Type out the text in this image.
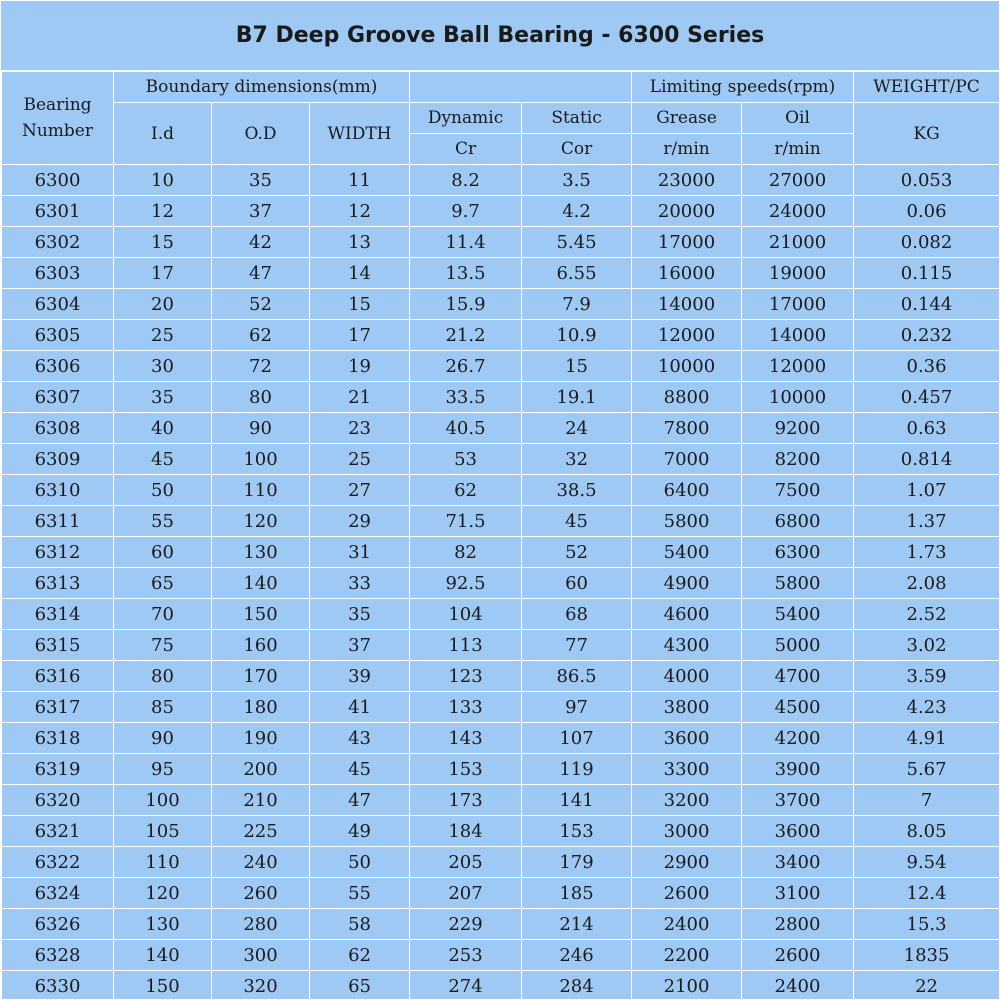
B7 Deep Groove Ball Bearing - 6300 Series
Bearing
Number	Boundary dimensions(mm)					Limiting speeds(rpm)		WEIGHT/PC
	I.d	O.D	WIDTH	Dynamic	Static	Grease	Oil	KG
				Cr	Cor	r/min	r/min	
6300	10	35	11	8.2	3.5	23000	27000	0.053
6301	12	37	12	9.7	4.2	20000	24000	0.06
6302	15	42	13	11.4	5.45	17000	21000	0.082
6303	17	47	14	13.5	6.55	16000	19000	0.115
6304	20	52	15	15.9	7.9	14000	17000	0.144
6305	25	62	17	21.2	10.9	12000	14000	0.232
6306	30	72	19	26.7	15	10000	12000	0.36
6307	35	80	21	33.5	19.1	8800	10000	0.457
6308	40	90	23	40.5	24	7800	9200	0.63
6309	45	100	25	53	32	7000	8200	0.814
6310	50	110	27	62	38.5	6400	7500	1.07
6311	55	120	29	71.5	45	5800	6800	1.37
6312	60	130	31	82	52	5400	6300	1.73
6313	65	140	33	92.5	60	4900	5800	2.08
6314	70	150	35	104	68	4600	5400	2.52
6315	75	160	37	113	77	4300	5000	3.02
6316	80	170	39	123	86.5	4000	4700	3.59
6317	85	180	41	133	97	3800	4500	4.23
6318	90	190	43	143	107	3600	4200	4.91
6319	95	200	45	153	119	3300	3900	5.67
6320	100	210	47	173	141	3200	3700	7
6321	105	225	49	184	153	3000	3600	8.05
6322	110	240	50	205	179	2900	3400	9.54
6324	120	260	55	207	185	2600	3100	12.4
6326	130	280	58	229	214	2400	2800	15.3
6328	140	300	62	253	246	2200	2600	1835
6330	150	320	65	274	284	2100	2400	22
